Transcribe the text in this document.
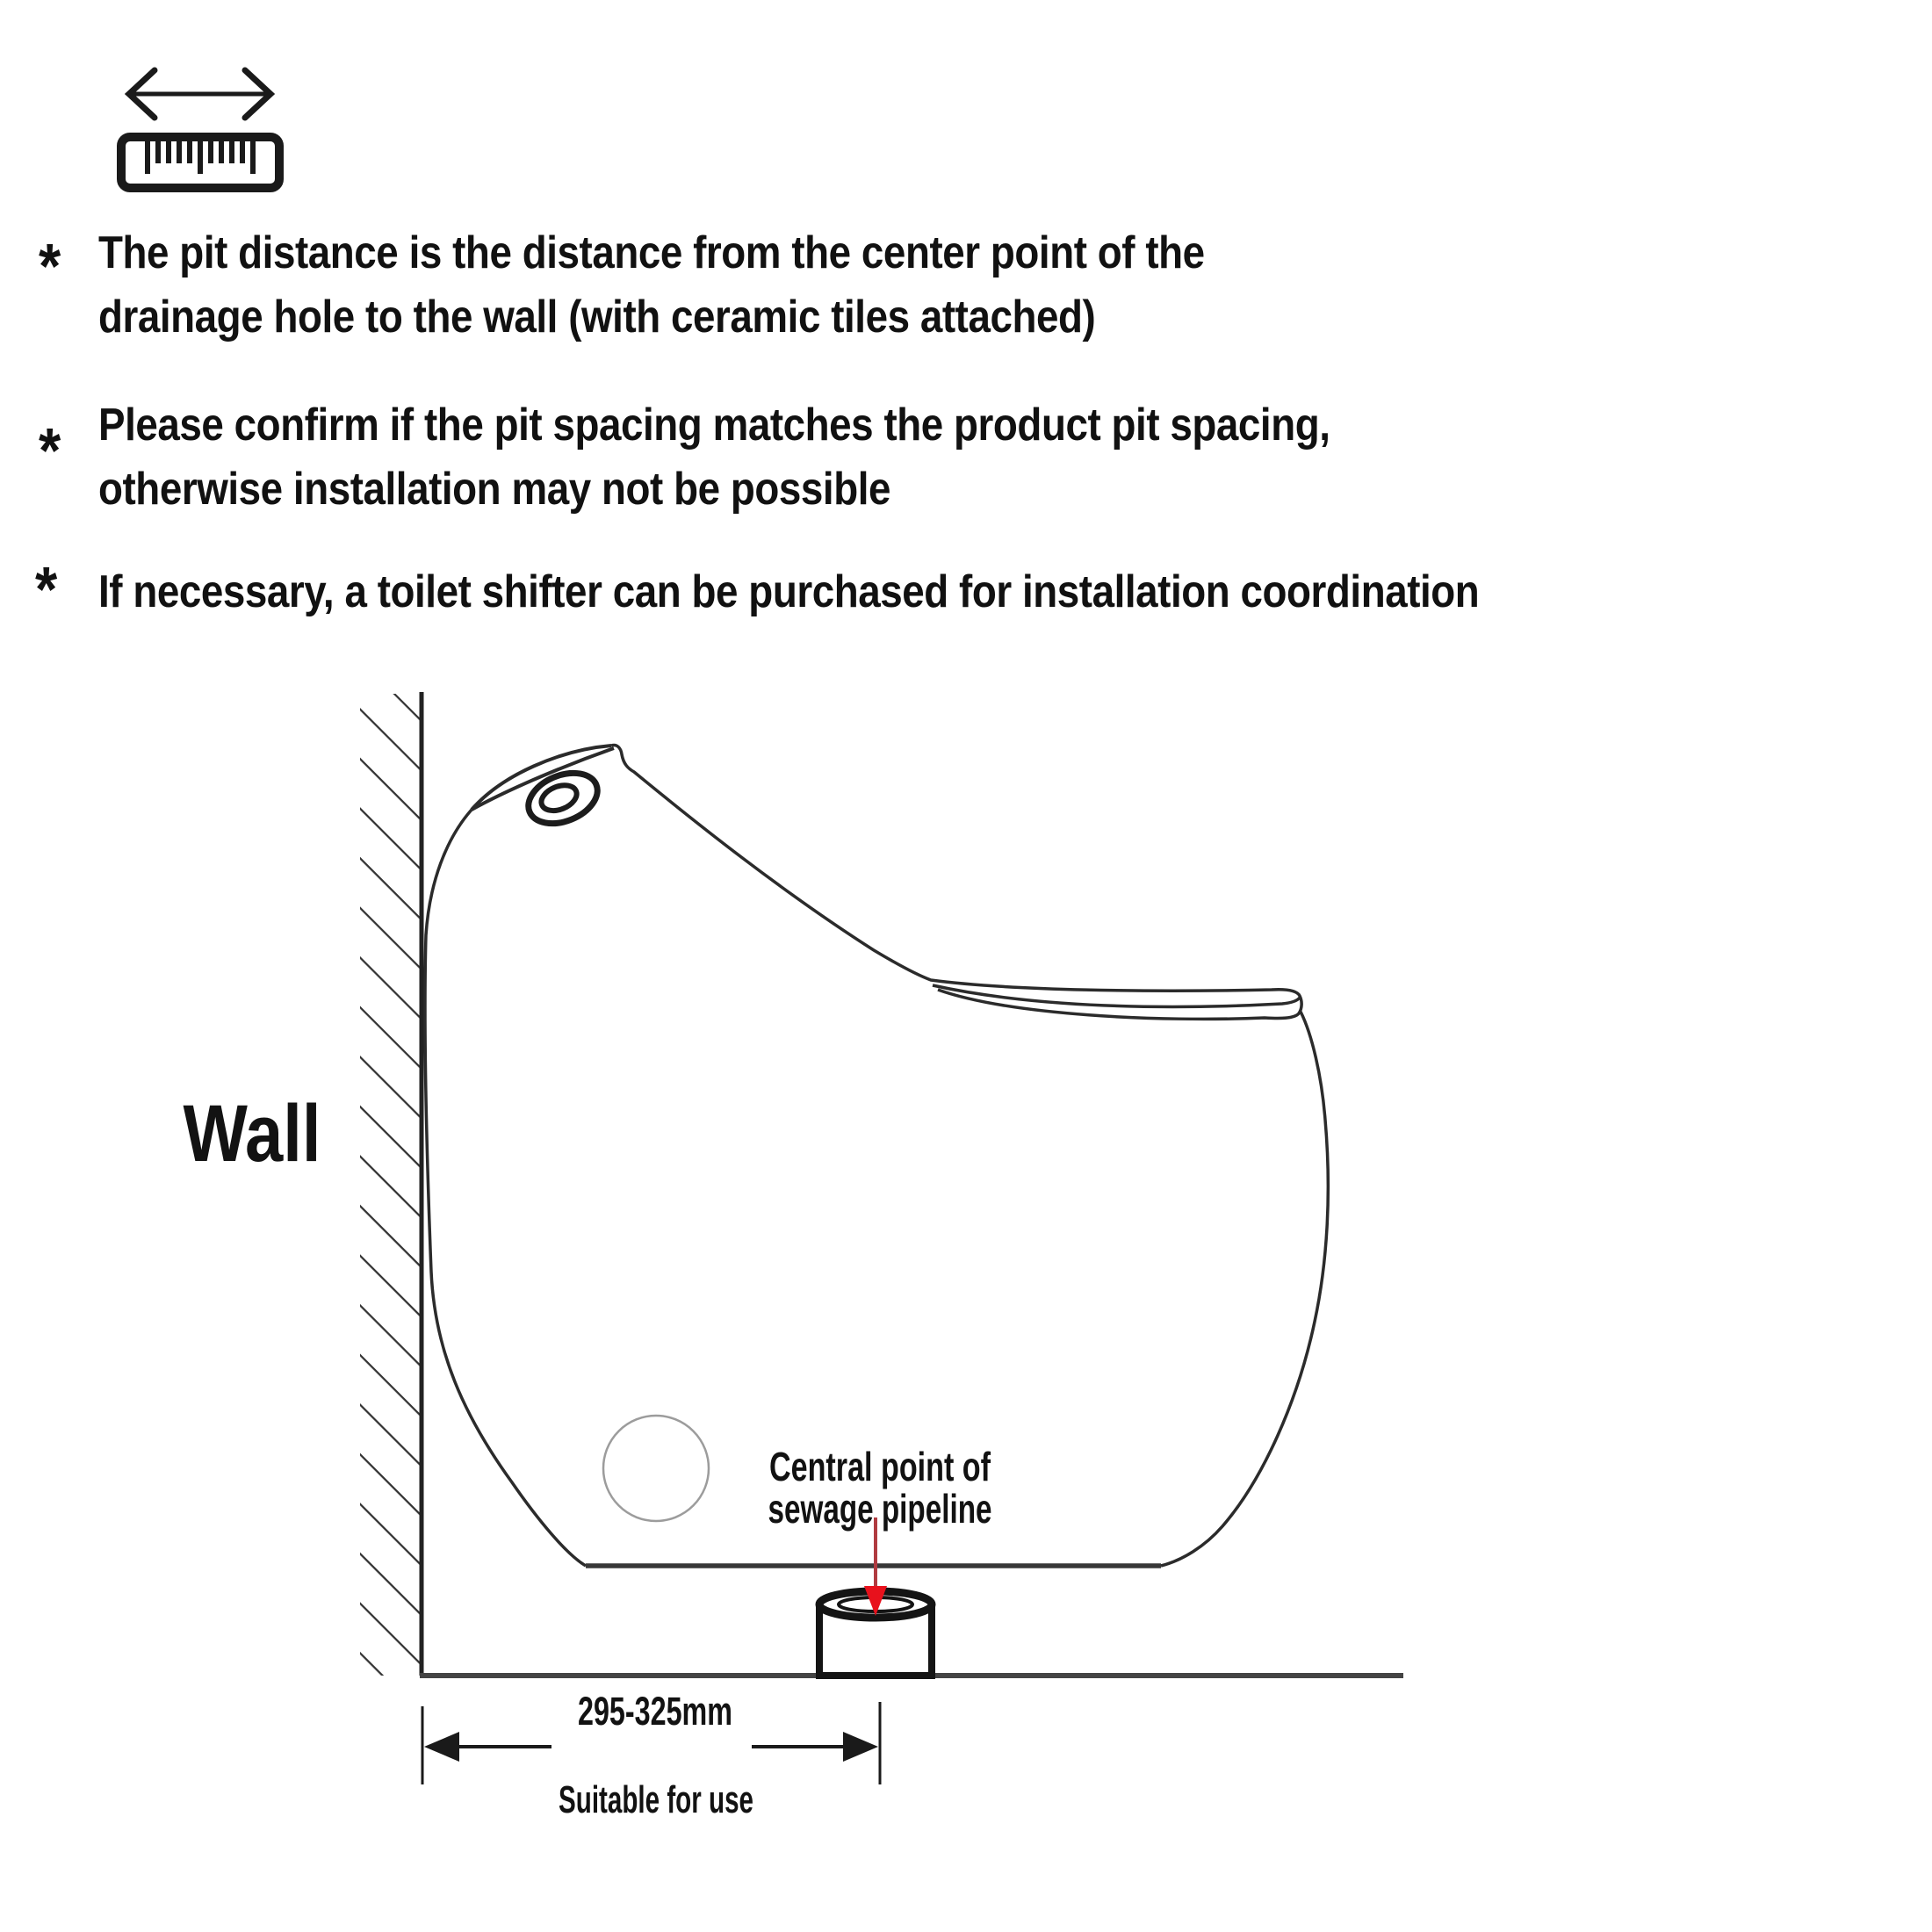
Wall
Central point of
sewage pipeline
295-325mm
Suitable for use
* The pit distance is the distance from the center point of the
drainage hole to the wall (with ceramic tiles attached)
* Please confirm if the pit spacing matches the product pit spacing,
otherwise installation may not be possible
* If necessary, a toilet shifter can be purchased for installation coordination
